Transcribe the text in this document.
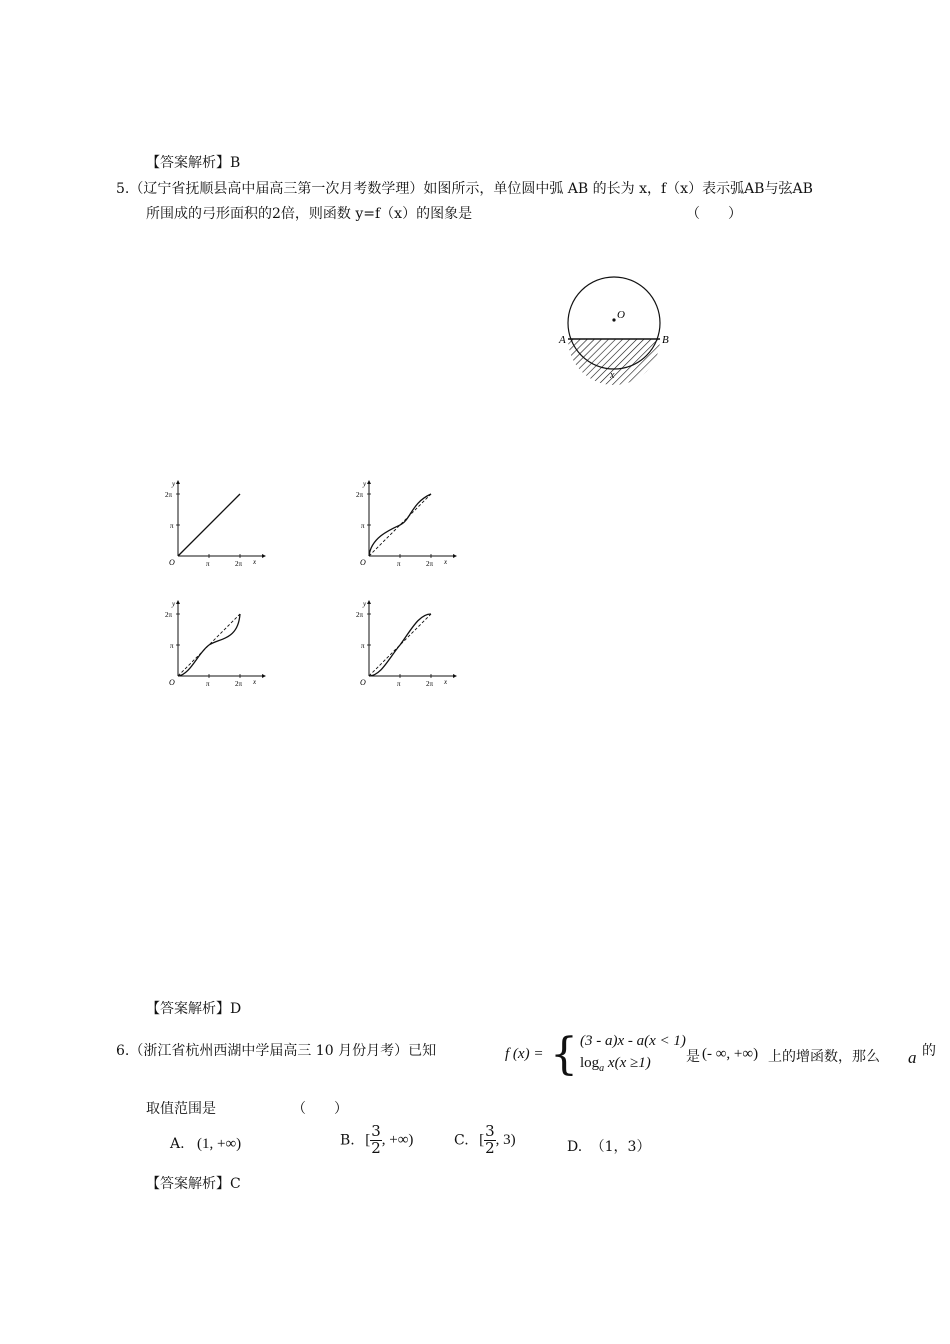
【答案解析】B
5.（辽宁省抚顺县高中届高三第一次月考数学理）如图所示，单位圆中弧 AB 的长为 x，f（x）表示弧AB与弦AB
所围成的弓形面积的2倍，则函数 y=f（x）的图象是	（　　）
O
A	B
x
y
2π
π
O	π	2π x
y
2π
π
O	π	2π x
y
2π
π
O	π	2π x
y
2π
π
O	π	2π x
【答案解析】D
6.（浙江省杭州西湖中学届高三 10 月份月考）已知	f (x) = { (3 - a)x - a(x < 1)
$\log_a x(x \ge 1)$	是 (- ∞, +∞) 上的增函数，那么 a 的
取值范围是	（　　）
A. (1, +∞)	B. [ $\frac{3}{2}$ , +∞)	C. [ $\frac{3}{2}$ , 3)	D. （1，3）
【答案解析】C
